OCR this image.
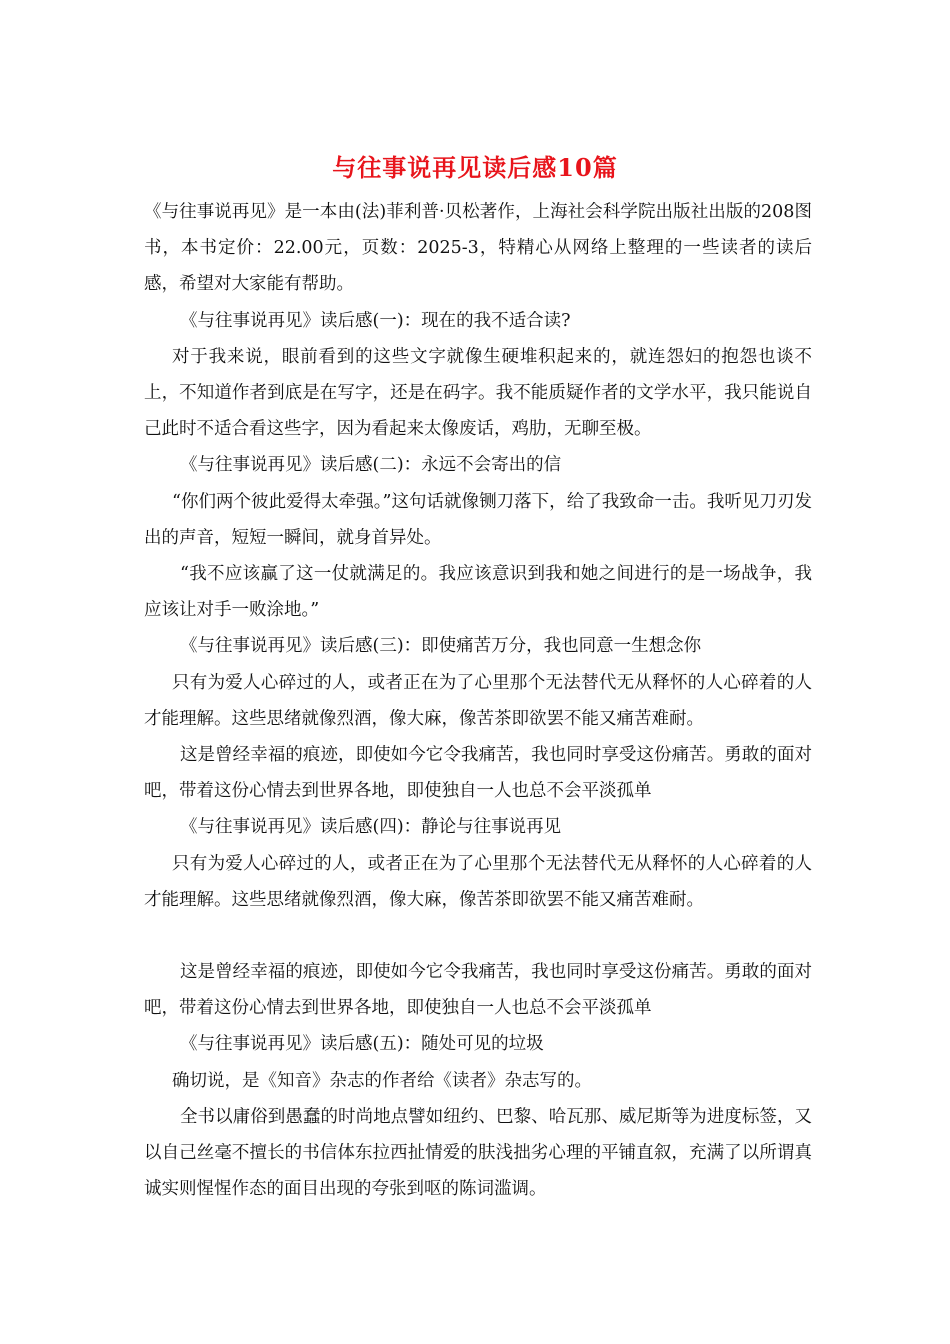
与往事说再见读后感10篇

《与往事说再见》是一本由(法)菲利普·贝松著作，上海社会科学院出版社出版的208图书，本书定价：22.00元，页数：2025-3，特精心从网络上整理的一些读者的读后感，希望对大家能有帮助。

《与往事说再见》读后感(一)：现在的我不适合读?

对于我来说，眼前看到的这些文字就像生硬堆积起来的，就连怨妇的抱怨也谈不上，不知道作者到底是在写字，还是在码字。我不能质疑作者的文学水平，我只能说自己此时不适合看这些字，因为看起来太像废话，鸡肋，无聊至极。

《与往事说再见》读后感(二)：永远不会寄出的信

“你们两个彼此爱得太牵强。”这句话就像铡刀落下，给了我致命一击。我听见刀刃发出的声音，短短一瞬间，就身首异处。

“我不应该赢了这一仗就满足的。我应该意识到我和她之间进行的是一场战争，我应该让对手一败涂地。”

《与往事说再见》读后感(三)：即使痛苦万分，我也同意一生想念你

只有为爱人心碎过的人，或者正在为了心里那个无法替代无从释怀的人心碎着的人才能理解。这些思绪就像烈酒，像大麻，像苦茶即欲罢不能又痛苦难耐。

这是曾经幸福的痕迹，即使如今它令我痛苦，我也同时享受这份痛苦。勇敢的面对吧，带着这份心情去到世界各地，即使独自一人也总不会平淡孤单

《与往事说再见》读后感(四)：静论与往事说再见

只有为爱人心碎过的人，或者正在为了心里那个无法替代无从释怀的人心碎着的人才能理解。这些思绪就像烈酒，像大麻，像苦茶即欲罢不能又痛苦难耐。

这是曾经幸福的痕迹，即使如今它令我痛苦，我也同时享受这份痛苦。勇敢的面对吧，带着这份心情去到世界各地，即使独自一人也总不会平淡孤单

《与往事说再见》读后感(五)：随处可见的垃圾

确切说，是《知音》杂志的作者给《读者》杂志写的。

全书以庸俗到愚蠢的时尚地点譬如纽约、巴黎、哈瓦那、威尼斯等为进度标签，又以自己丝毫不擅长的书信体东拉西扯情爱的肤浅拙劣心理的平铺直叙，充满了以所谓真诚实则惺惺作态的面目出现的夸张到呕的陈词滥调。
